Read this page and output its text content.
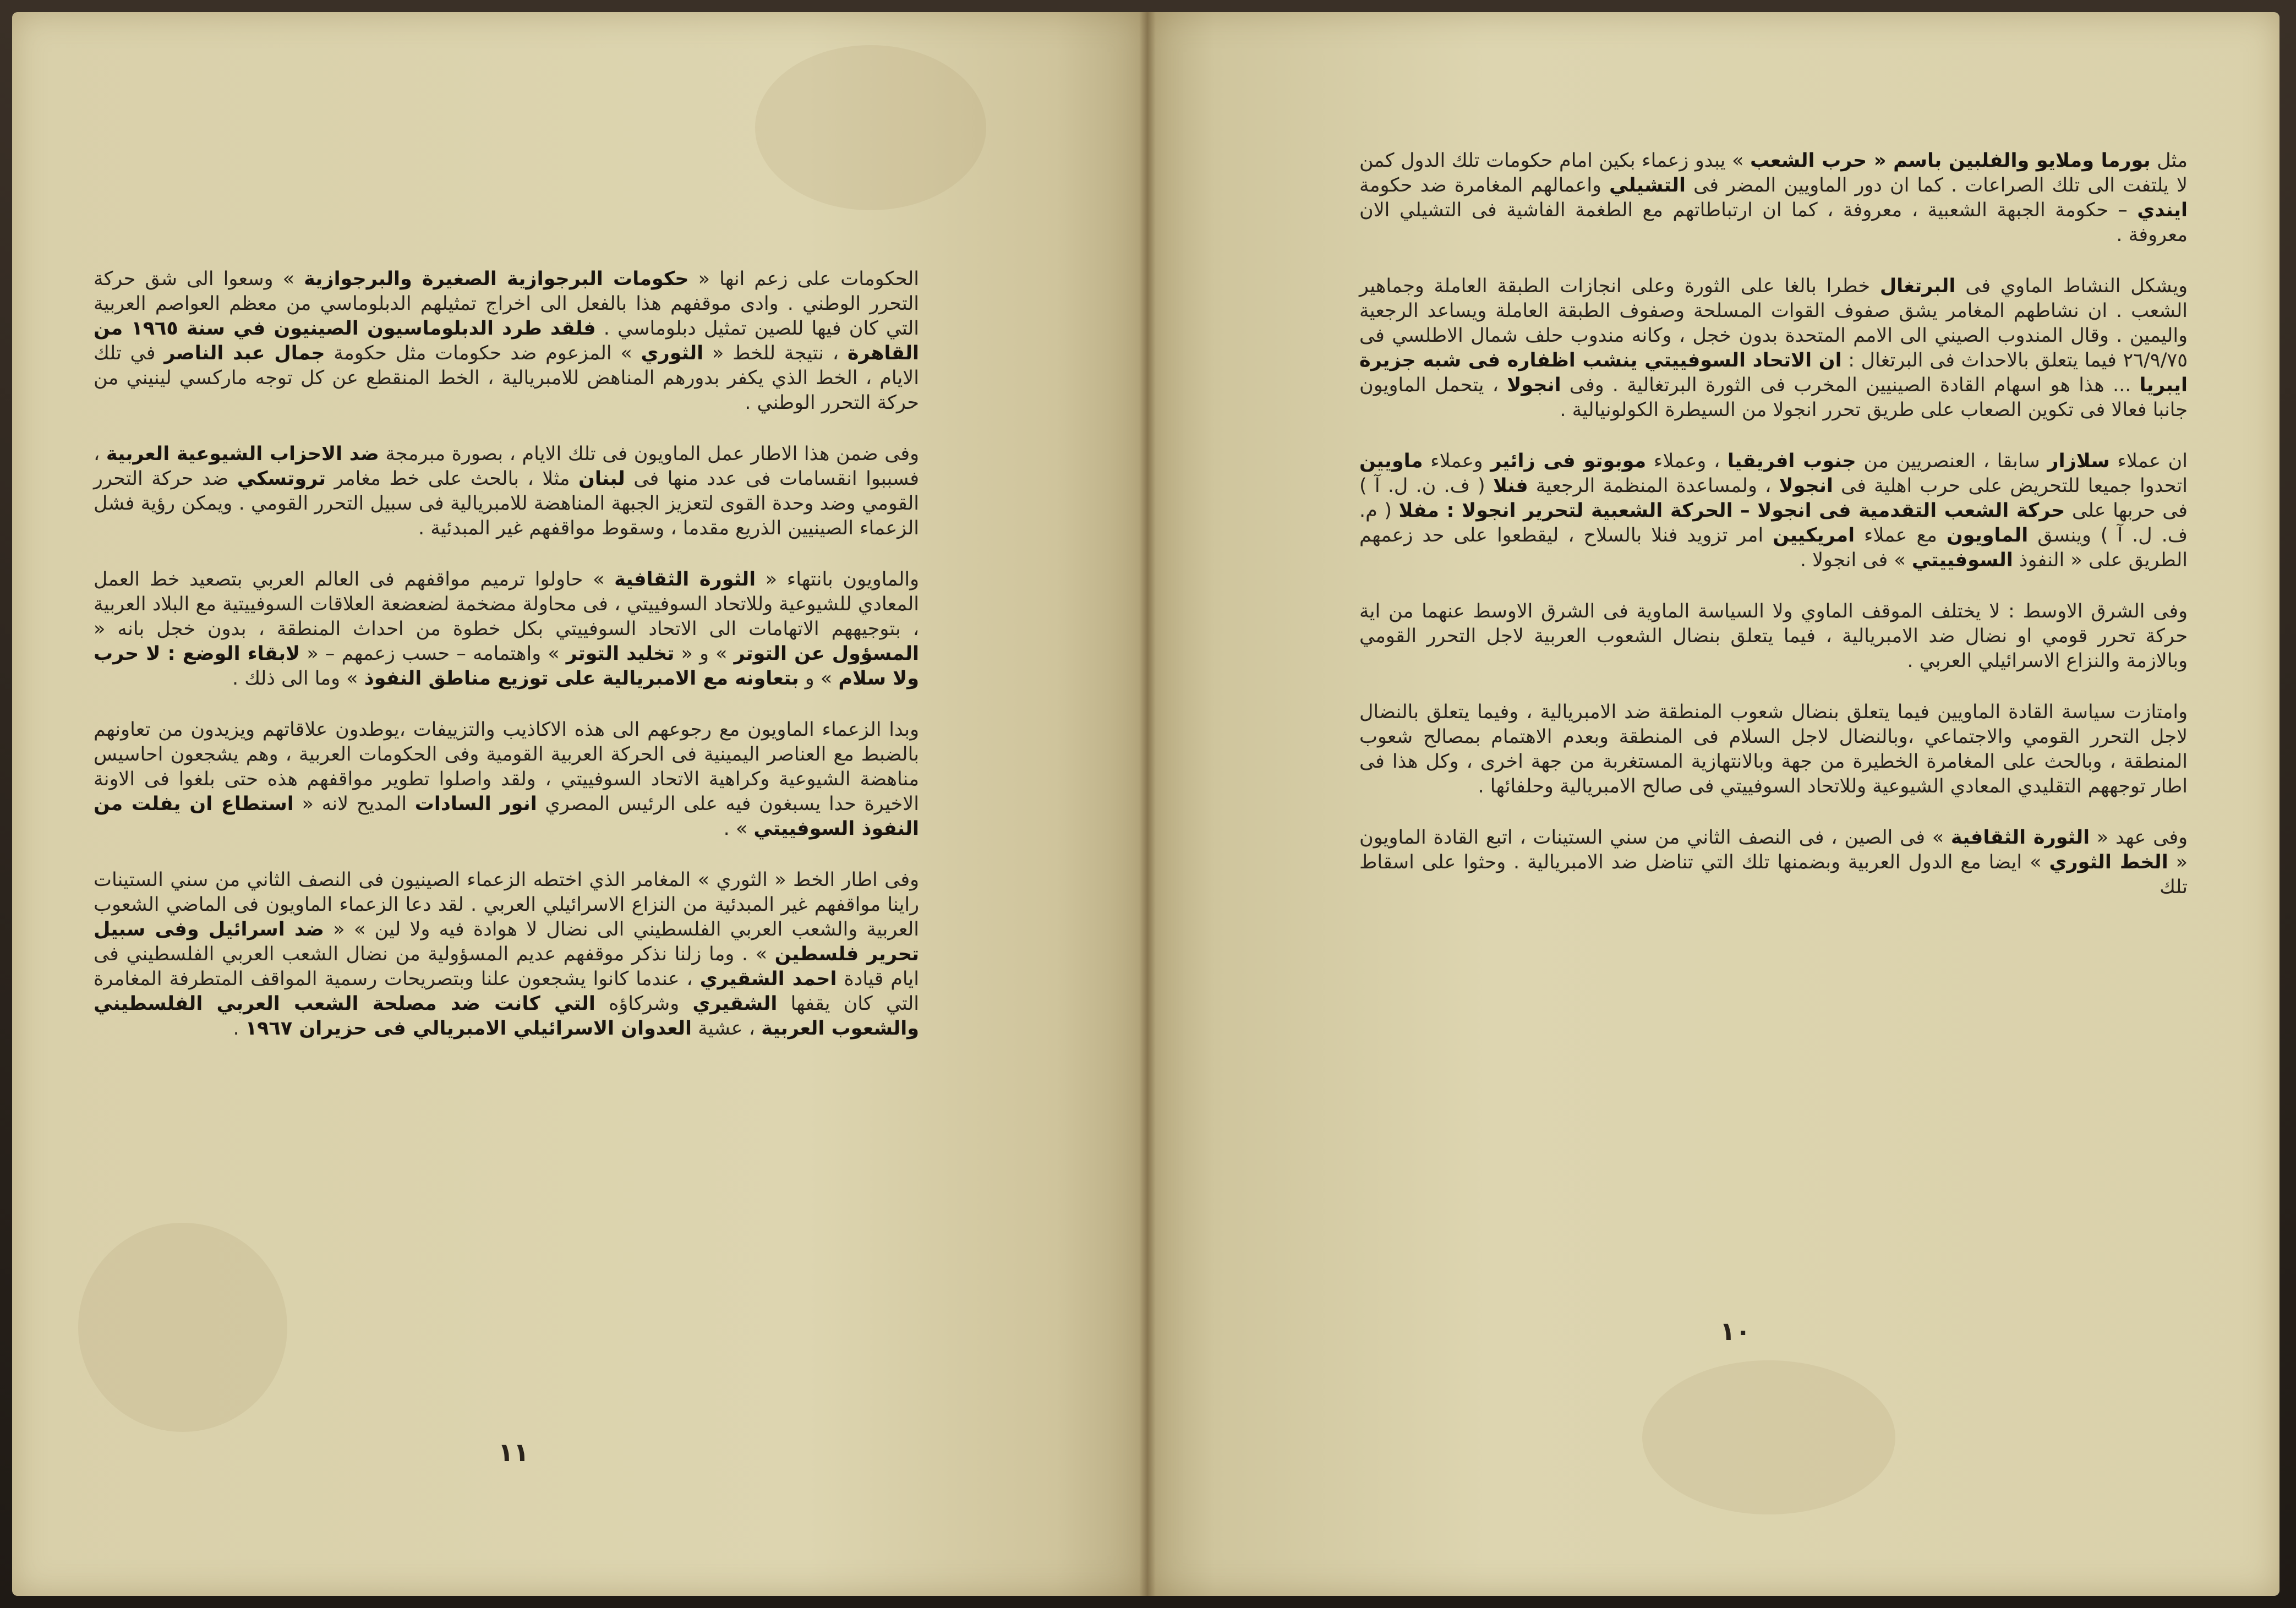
الحكومات على زعم انها « حكومات البرجوازية الصغيرة والبرجوازية » وسعوا الى شق حركة التحرر الوطني . وادى موقفهم هذا بالفعل الى اخراج تمثيلهم الدبلوماسي من معظم العواصم العربية التي كان فيها للصين تمثيل دبلوماسي . فلقد طرد الدبلوماسيون الصينيون في سنة ١٩٦٥ من القاهرة ، نتيجة للخط « الثوري » المزعوم ضد حكومات مثل حكومة جمال عبد الناصر في تلك الايام ، الخط الذي يكفر بدورهم المناهض للامبريالية ، الخط المنقطع عن كل توجه ماركسي لينيني من حركة التحرر الوطني .

وفى ضمن هذا الاطار عمل الماويون فى تلك الايام ، بصورة مبرمجة ضد الاحزاب الشيوعية العربية ، فسببوا انقسامات فى عدد منها فى لبنان مثلا ، بالحث على خط مغامر تروتسكي ضد حركة التحرر القومي وضد وحدة القوى لتعزيز الجبهة المناهضة للامبريالية فى سبيل التحرر القومي . ويمكن رؤية فشل الزعماء الصينيين الذريع مقدما ، وسقوط مواقفهم غير المبدئية .

والماويون بانتهاء « الثورة الثقافية » حاولوا ترميم مواقفهم فى العالم العربي بتصعيد خط العمل المعادي للشيوعية وللاتحاد السوفييتي ، فى محاولة مضخمة لضعضعة العلاقات السوفييتية مع البلاد العربية ، بتوجيههم الاتهامات الى الاتحاد السوفييتي بكل خطوة من احداث المنطقة ، بدون خجل بانه « المسؤول عن التوتر » و « تخليد التوتر » واهتمامه – حسب زعمهم – « لابقاء الوضع : لا حرب ولا سلام » و بتعاونه مع الامبريالية على توزيع مناطق النفوذ » وما الى ذلك .

وبدا الزعماء الماويون مع رجوعهم الى هذه الاكاذيب والتزييفات ،يوطدون علاقاتهم ويزيدون من تعاونهم بالضبط مع العناصر اليمينية فى الحركة العربية القومية وفى الحكومات العربية ، وهم يشجعون احاسيس مناهضة الشيوعية وكراهية الاتحاد السوفييتي ، ولقد واصلوا تطوير مواقفهم هذه حتى بلغوا فى الاونة الاخيرة حدا يسبغون فيه على الرئيس المصري انور السادات المديح لانه « استطاع ان يفلت من النفوذ السوفييتي » .

وفى اطار الخط « الثوري » المغامر الذي اختطه الزعماء الصينيون فى النصف الثاني من سني الستينات راينا مواقفهم غير المبدئية من النزاع الاسرائيلي العربي . لقد دعا الزعماء الماويون فى الماضي الشعوب العربية والشعب العربي الفلسطيني الى نضال لا هوادة فيه ولا لين » « ضد اسرائيل وفى سبيل تحرير فلسطين » . وما زلنا نذكر موقفهم عديم المسؤولية من نضال الشعب العربي الفلسطيني فى ايام قيادة احمد الشقيري ، عندما كانوا يشجعون علنا وبتصريحات رسمية المواقف المتطرفة المغامرة التي كان يقفها الشقيري وشركاؤه التي كانت ضد مصلحة الشعب العربي الفلسطيني والشعوب العربية ، عشية العدوان الاسرائيلي الامبريالي فى حزيران ١٩٦٧ .

١١

مثل بورما وملايو والفلبين باسم « حرب الشعب » يبدو زعماء بكين امام حكومات تلك الدول كمن لا يلتفت الى تلك الصراعات . كما ان دور الماويين المضر فى التشيلي واعمالهم المغامرة ضد حكومة ايندي – حكومة الجبهة الشعبية ، معروفة ، كما ان ارتباطاتهم مع الطغمة الفاشية فى التشيلي الان معروفة .

ويشكل النشاط الماوي فى البرتغال خطرا بالغا على الثورة وعلى انجازات الطبقة العاملة وجماهير الشعب . ان نشاطهم المغامر يشق صفوف القوات المسلحة وصفوف الطبقة العاملة ويساعد الرجعية واليمين . وقال المندوب الصيني الى الامم المتحدة بدون خجل ، وكانه مندوب حلف شمال الاطلسي فى ٢٦/٩/٧٥ فيما يتعلق بالاحداث فى البرتغال : ان الاتحاد السوفييتي ينشب اظفاره فى شبه جزيرة ايبريا ... هذا هو اسهام القادة الصينيين المخرب فى الثورة البرتغالية . وفى انجولا ، يتحمل الماويون جانبا فعالا فى تكوين الصعاب على طريق تحرر انجولا من السيطرة الكولونيالية .

ان عملاء سلازار سابقا ، العنصريين من جنوب افريقيا ، وعملاء موبوتو فى زائير وعملاء ماويين اتحدوا جميعا للتحريض على حرب اهلية فى انجولا ، ولمساعدة المنظمة الرجعية فنلا ( ف. ن. ل. آ ) فى حربها على حركة الشعب التقدمية فى انجولا – الحركة الشعبية لتحرير انجولا : مفلا ( م. ف. ل. آ ) وينسق الماويون مع عملاء امريكيين امر تزويد فنلا بالسلاح ، ليقطعوا على حد زعمهم الطريق على « النفوذ السوفييتي » فى انجولا .

وفى الشرق الاوسط : لا يختلف الموقف الماوي ولا السياسة الماوية فى الشرق الاوسط عنهما من اية حركة تحرر قومي او نضال ضد الامبريالية ، فيما يتعلق بنضال الشعوب العربية لاجل التحرر القومي وبالازمة والنزاع الاسرائيلي العربي .

وامتازت سياسة القادة الماويين فيما يتعلق بنضال شعوب المنطقة ضد الامبريالية ، وفيما يتعلق بالنضال لاجل التحرر القومي والاجتماعي ،وبالنضال لاجل السلام فى المنطقة وبعدم الاهتمام بمصالح شعوب المنطقة ، وبالحث على المغامرة الخطيرة من جهة وبالانتهازية المستغربة من جهة اخرى ، وكل هذا فى اطار توجههم التقليدي المعادي الشيوعية وللاتحاد السوفييتي فى صالح الامبريالية وحلفائها .

وفى عهد « الثورة الثقافية » فى الصين ، فى النصف الثاني من سني الستينات ، اتبع القادة الماويون « الخط الثوري » ايضا مع الدول العربية وبضمنها تلك التي تناضل ضد الامبريالية . وحثوا على اسقاط تلك

١٠
